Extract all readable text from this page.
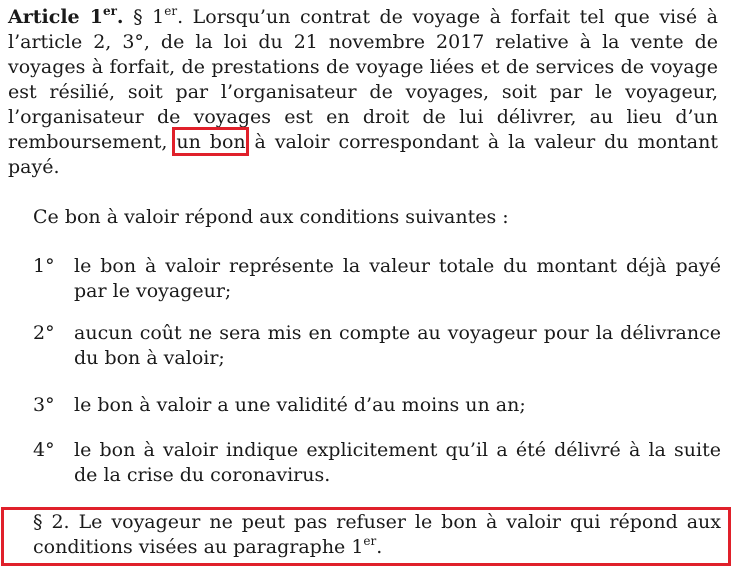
Article 1er. § 1er. Lorsqu’un contrat de voyage à forfait tel que visé à l’article 2, 3°, de la loi du 21 novembre 2017 relative à la vente de voyages à forfait, de prestations de voyage liées et de services de voyage est résilié, soit par l’organisateur de voyages, soit par le voyageur, l’organisateur de voyages est en droit de lui délivrer, au lieu d’un remboursement, un bon à valoir correspondant à la valeur du montant payé.
Ce bon à valoir répond aux conditions suivantes :
1°	le bon à valoir représente la valeur totale du montant déjà payé par le voyageur;
2°	aucun coût ne sera mis en compte au voyageur pour la délivrance du bon à valoir;
3°	le bon à valoir a une validité d’au moins un an;
4°	le bon à valoir indique explicitement qu’il a été délivré à la suite de la crise du coronavirus.
§ 2. Le voyageur ne peut pas refuser le bon à valoir qui répond aux conditions visées au paragraphe 1er.
